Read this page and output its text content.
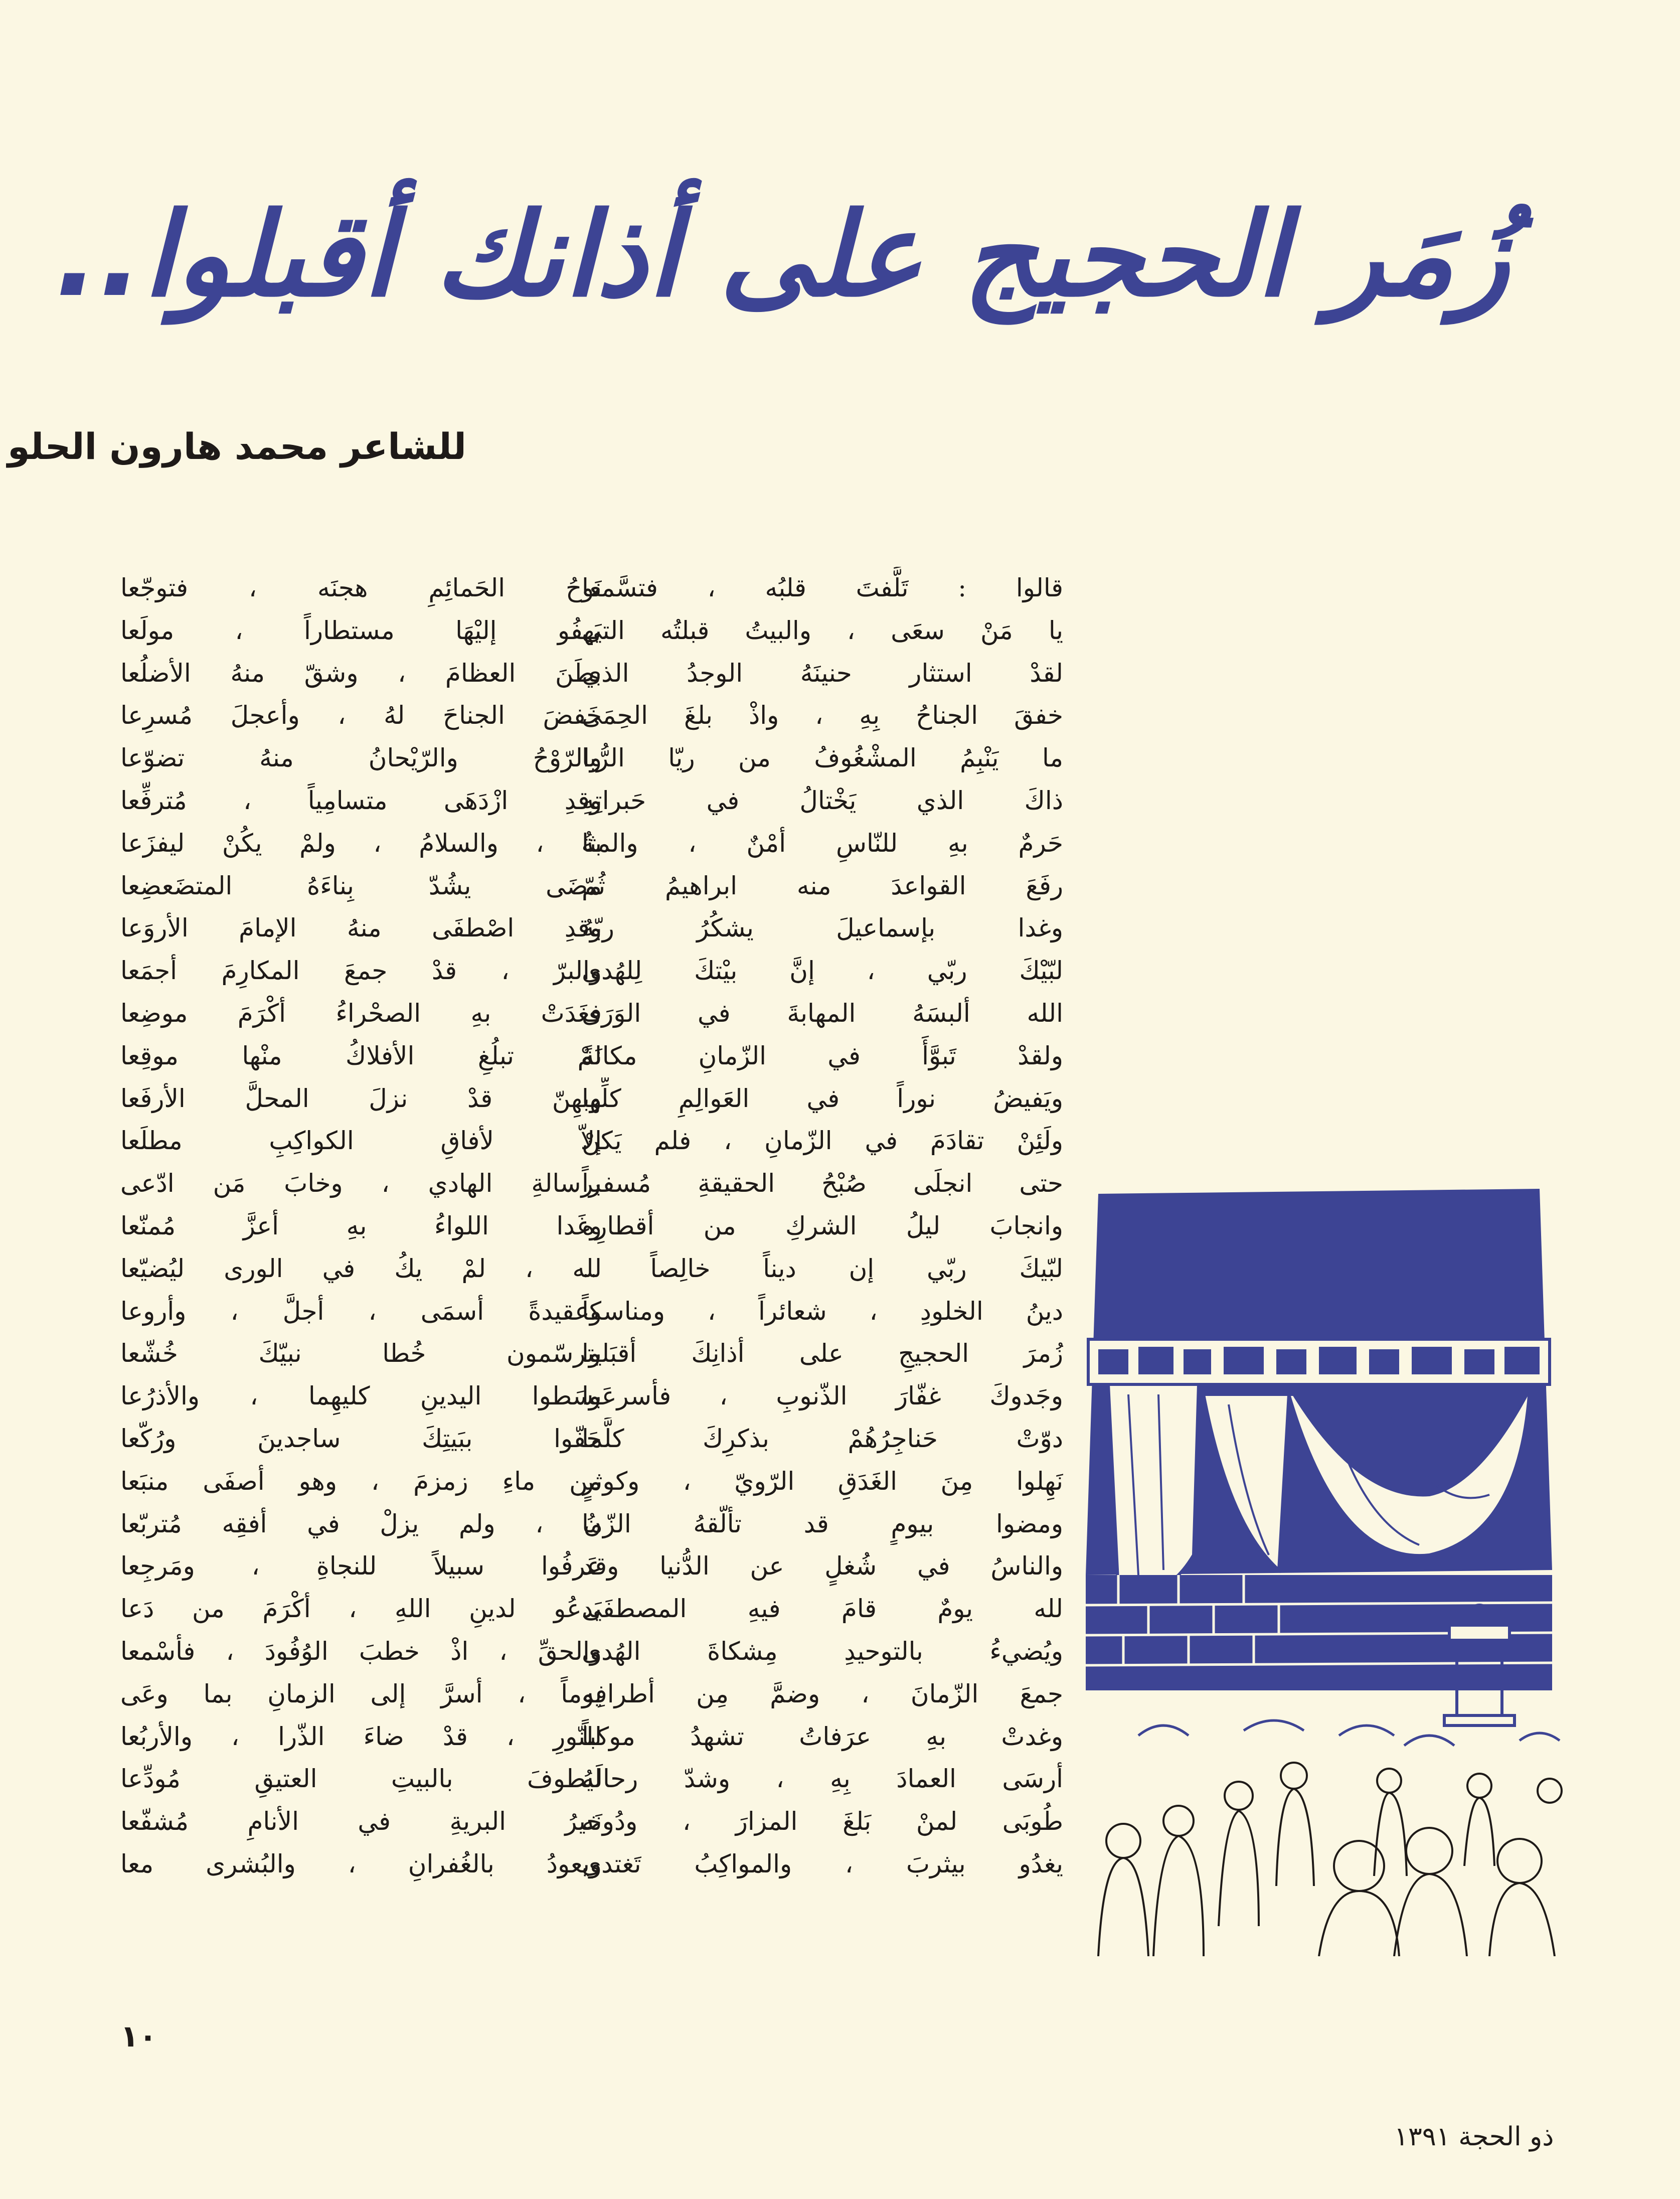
زُمَر الحجيج على أذانك أقبلوا..
للشاعر محمد هارون الحلو
قالوا : تَلَّفتَ قلبُه ، فتسَّمعا
يا مَنْ سعَى ، والبيتُ قبلتُه التي
لقدْ استثار حنينَهُ الوجدُ الذي
خفقَ الجناحُ بِهِ ، واذْ بلغَ الحِمَى
ما يَنْبِمُ المشْغُوفُ من ريّا الرُّبا
ذاكَ الذي يَخْتالُ في حَبراتِهِ
حَرمٌ بهِ للنّاسِ أمْنٌ ، والمثا
رفَعَ القواعدَ منه ابراهيمُ ثُمّ
وغدا بإسماعيلَ يشكُرُ ربّهُ
لبّيْكَ ربّي ، إنَّ بيْتكَ لِلهُدى
الله ألبسَهُ المهابةَ في الوَرَى
ولقدْ تَبوَّأَ في الزّمانِ مكانَةً
ويَفيضُ نوراً في العَوالِمِ كلِّها
ولَئِنْ تقادَمَ في الزّمانِ ، فلم يَكنْ
حتى انجلَى صُبْحُ الحقيقةِ مُسفراً
وانجابَ ليلُ الشركِ من أقطارِه
لبّيكَ ربّي إن ديناً خالِصاً ..
دينُ الخلودِ ، شعائراً ، ومناسكاً
زُمرَ الحجيجِ على أذانِكَ أقبَلوا
وجَدوكَ غفّارَ الذّنوبِ ، فأسرعَوا
دوّتْ حَناجِرُهُمْ بذكرِكَ كلَّما
نَهِلوا مِنَ الغَدَقِ الرّويّ ، وكوثرٍ
ومضوا بيومٍ قد تألّقهُ الزّما
والناسُ في شُغلٍ عن الدُّنيا وقد
لله يومٌ قامَ فيهِ المصطفَى
ويُضيءُ بالتوحيدِ مِشكاةَ الهُدى
جمعَ الزّمانَ ، وضمَّ مِن أطرافِه
وغدتْ بهِ عرَفاتُ تشهدُ موكباً
أرسَى العمادَ بِهِ ، وشدّ رحالَهُ
طُوبَى لمنْ بَلغَ المزارَ ، ودُونَه
يغدُو بيثربَ ، والمواكِبُ تَغتدي
نَوحُ الحَمائِمِ هجنَه ، فتوجّعا
يَهفُو إليْهَا مستطاراً ، مولَعا
بطَنَ العظامَ ، وشقّ منهُ الأضلُعا
خَفضَ الجناحَ لهُ ، وأعجلَ مُسرِعا
والرّوْحُ والرّيْحانُ منهُ تضوّعا
وقدِ ازْدَهَى متسامِياً ، مُترفِّعا
بةُ ، والسلامُ ، ولمْ يكُنْ ليفزَعا
مضَى يشُدّ بِناءَهُ المتضَعضِعا
وقدِ اصْطفَى منهُ الإمامَ الأروَعا
والبرّ ، قدْ جمعَ المكارِمَ أجمَعا
فغَدَتْ بهِ الصحْراءُ أكْرَمَ موضِعا
لمْ تبلُغِ الأفلاكُ منْها موقِعا
وبهِنّ قدْ نزلَ المحلَّ الأرفَعا
إلاّ لأفاقِ الكواكِبِ مطلَعا
برسالةِ الهادي ، وخابَ مَن ادّعى
وغَدا اللواءُ بهِ أعزَّ مُمنّعا
لله ، لمْ يكُ في الورى ليُضيّعا
وعقيدةً أسمَى ، أجلَّ ، وأروعا
يترسّمون خُطا نبيّكَ خُشّعا
بسَطوا اليدينِ كليهِما ، والأذرُعا
حَفّوا ببَيتِكَ ساجدينَ ورُكّعا
من ماءِ زمزمَ ، وهو أصفَى منبَعا
نُ ، ولم يزلْ في أفقِه مُتربّعا
عَرفُوا سبيلاً للنجاةِ ، ومَرجِعا
يَدعُو لدينِ اللهِ ، أكْرَمَ من دَعا
والحقِّ ، اذْ خطبَ الوُفُودَ ، فأسْمعا
يوماً ، أسرَّ إلى الزمانِ بما وعَى
للنّورِ ، قدْ ضاءَ الذّرا ، والأربُعا
ليطوفَ بالبيتِ العتيقِ مُودِّعا
خيرُ البريةِ في الأنامِ مُشفّعا
ويعودُ بالغُفرانِ ، والبُشرى معا
١٠
ذو الحجة ١٣٩١
